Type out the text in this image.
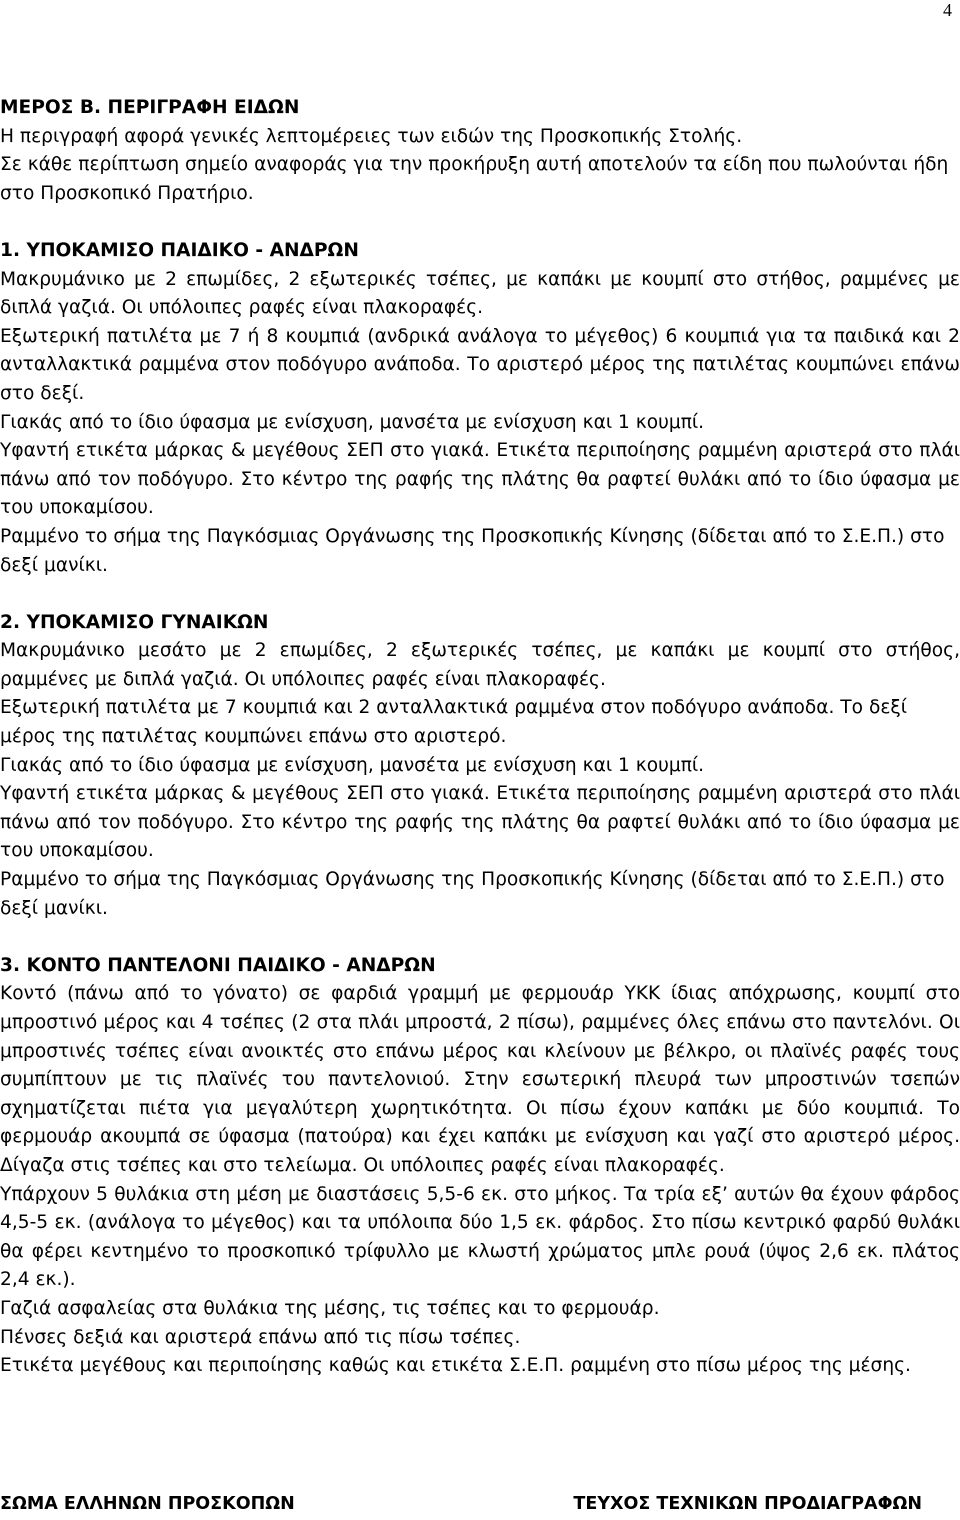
4
ΜΕΡΟΣ Β. ΠΕΡΙΓΡΑΦΗ ΕΙΔΩΝ

Η περιγραφή αφορά γενικές λεπτομέρειες των ειδών της Προσκοπικής Στολής.

Σε κάθε περίπτωση σημείο αναφοράς για την προκήρυξη αυτή αποτελούν τα είδη που πωλούνται ήδη στο Προσκοπικό Πρατήριο.

1. ΥΠΟΚΑΜΙΣΟ ΠΑΙΔΙΚΟ - ΑΝΔΡΩΝ

Μακρυμάνικο με 2 επωμίδες, 2 εξωτερικές τσέπες, με καπάκι με κουμπί στο στήθος, ραμμένες με διπλά γαζιά. Οι υπόλοιπες ραφές είναι πλακοραφές.

Εξωτερική πατιλέτα με 7 ή 8 κουμπιά (ανδρικά ανάλογα το μέγεθος) 6 κουμπιά για τα παιδικά και 2 ανταλλακτικά ραμμένα στον ποδόγυρο ανάποδα. Το αριστερό μέρος της πατιλέτας κουμπώνει επάνω στο δεξί.

Γιακάς από το ίδιο ύφασμα με ενίσχυση, μανσέτα με ενίσχυση και 1 κουμπί.

Υφαντή ετικέτα μάρκας & μεγέθους ΣΕΠ στο γιακά. Ετικέτα περιποίησης ραμμένη αριστερά στο πλάι πάνω από τον ποδόγυρο. Στο κέντρο της ραφής της πλάτης θα ραφτεί θυλάκι από το ίδιο ύφασμα με του υποκαμίσου.

Ραμμένο το σήμα της Παγκόσμιας Οργάνωσης της Προσκοπικής Κίνησης (δίδεται από το Σ.Ε.Π.) στο δεξί μανίκι.

2. ΥΠΟΚΑΜΙΣΟ ΓΥΝΑΙΚΩΝ

Μακρυμάνικο μεσάτο με 2 επωμίδες, 2 εξωτερικές τσέπες, με καπάκι με κουμπί στο στήθος, ραμμένες με διπλά γαζιά. Οι υπόλοιπες ραφές είναι πλακοραφές.

Εξωτερική πατιλέτα με 7 κουμπιά και 2 ανταλλακτικά ραμμένα στον ποδόγυρο ανάποδα. Το δεξί μέρος της πατιλέτας κουμπώνει επάνω στο αριστερό.

Γιακάς από το ίδιο ύφασμα με ενίσχυση, μανσέτα με ενίσχυση και 1 κουμπί.

Υφαντή ετικέτα μάρκας & μεγέθους ΣΕΠ στο γιακά. Ετικέτα περιποίησης ραμμένη αριστερά στο πλάι πάνω από τον ποδόγυρο. Στο κέντρο της ραφής της πλάτης θα ραφτεί θυλάκι από το ίδιο ύφασμα με του υποκαμίσου.

Ραμμένο το σήμα της Παγκόσμιας Οργάνωσης της Προσκοπικής Κίνησης (δίδεται από το Σ.Ε.Π.) στο δεξί μανίκι.

3. ΚΟΝΤΟ ΠΑΝΤΕΛΟΝΙ ΠΑΙΔΙΚΟ - ΑΝΔΡΩΝ

Κοντό (πάνω από το γόνατο) σε φαρδιά γραμμή με φερμουάρ ΥΚΚ ίδιας απόχρωσης, κουμπί στο μπροστινό μέρος και 4 τσέπες (2 στα πλάι μπροστά, 2 πίσω), ραμμένες όλες επάνω στο παντελόνι. Οι μπροστινές τσέπες είναι ανοικτές στο επάνω μέρος και κλείνουν με βέλκρο, οι πλαϊνές ραφές τους συμπίπτουν με τις πλαϊνές του παντελονιού. Στην εσωτερική πλευρά των μπροστινών τσεπών σχηματίζεται πιέτα για μεγαλύτερη χωρητικότητα. Οι πίσω έχουν καπάκι με δύο κουμπιά. Το φερμουάρ ακουμπά σε ύφασμα (πατούρα) και έχει καπάκι με ενίσχυση και γαζί στο αριστερό μέρος. Δίγαζα στις τσέπες και στο τελείωμα. Οι υπόλοιπες ραφές είναι πλακοραφές.

Υπάρχουν 5 θυλάκια στη μέση με διαστάσεις 5,5-6 εκ. στο μήκος. Τα τρία εξ’ αυτών θα έχουν φάρδος 4,5-5 εκ. (ανάλογα το μέγεθος) και τα υπόλοιπα δύο 1,5 εκ. φάρδος. Στο πίσω κεντρικό φαρδύ θυλάκι θα φέρει κεντημένο το προσκοπικό τρίφυλλο με κλωστή χρώματος μπλε ρουά (ύψος 2,6 εκ. πλάτος 2,4 εκ.).

Γαζιά ασφαλείας στα θυλάκια της μέσης, τις τσέπες και το φερμουάρ.

Πένσες δεξιά και αριστερά επάνω από τις πίσω τσέπες.

Ετικέτα μεγέθους και περιποίησης καθώς και ετικέτα Σ.Ε.Π. ραμμένη στο πίσω μέρος της μέσης.

ΣΩΜΑ ΕΛΛΗΝΩΝ ΠΡΟΣΚΟΠΩΝ	ΤΕΥΧΟΣ ΤΕΧΝΙΚΩΝ ΠΡΟΔΙΑΓΡΑΦΩΝ
